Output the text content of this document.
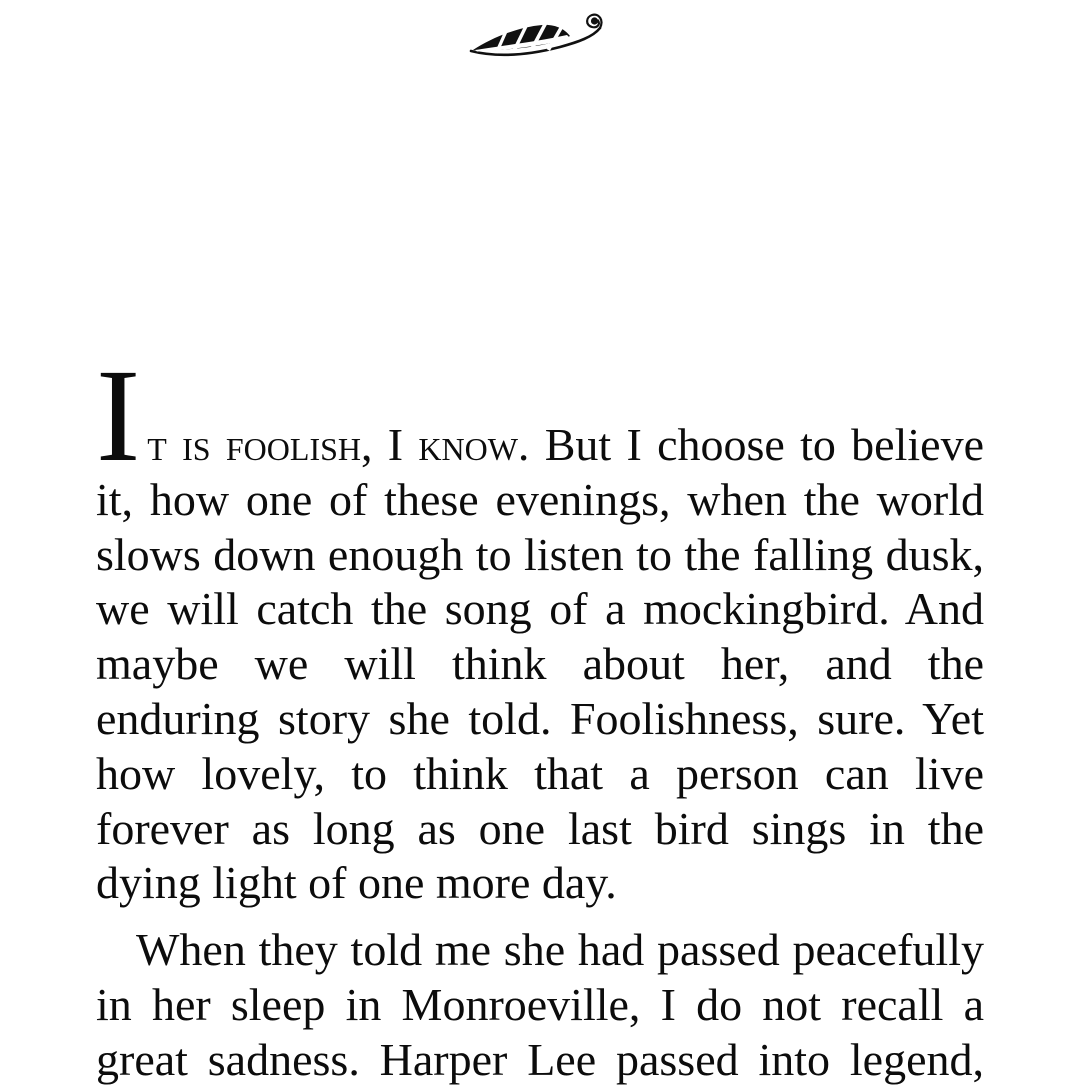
It is foolish, I know. But I choose to believe
it, how one of these evenings, when the world
slows down enough to listen to the falling dusk,
we will catch the song of a mockingbird. And
maybe we will think about her, and the
enduring story she told. Foolishness, sure. Yet
how lovely, to think that a person can live
forever as long as one last bird sings in the
dying light of one more day.
When they told me she had passed peacefully
in her sleep in Monroeville, I do not recall a
great sadness. Harper Lee passed into legend,
